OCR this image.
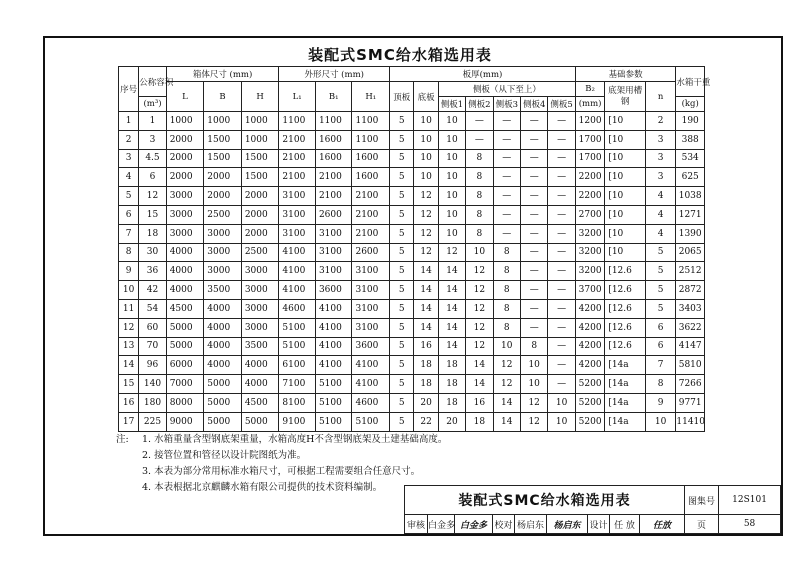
装配式SMC给水箱选用表
序号	公称容积	箱体尺寸 (mm)			外形尺寸 (mm)			板厚(mm)							基础参数			水箱干重
		L	B	H	L₁	B₁	H₁	顶板	底板	侧板（从下至上）					B₂	底架用槽钢	n	
	(m³)									侧板1	侧板2	侧板3	侧板4	侧板5	(mm)			(kg)
1	1	1000	1000	1000	1100	1100	1100	5	10	10	—	—	—	—	1200	[10	2	190
2	3	2000	1500	1000	2100	1600	1100	5	10	10	—	—	—	—	1700	[10	3	388
3	4.5	2000	1500	1500	2100	1600	1600	5	10	10	8	—	—	—	1700	[10	3	534
4	6	2000	2000	1500	2100	2100	1600	5	10	10	8	—	—	—	2200	[10	3	625
5	12	3000	2000	2000	3100	2100	2100	5	12	10	8	—	—	—	2200	[10	4	1038
6	15	3000	2500	2000	3100	2600	2100	5	12	10	8	—	—	—	2700	[10	4	1271
7	18	3000	3000	2000	3100	3100	2100	5	12	10	8	—	—	—	3200	[10	4	1390
8	30	4000	3000	2500	4100	3100	2600	5	12	12	10	8	—	—	3200	[10	5	2065
9	36	4000	3000	3000	4100	3100	3100	5	14	14	12	8	—	—	3200	[12.6	5	2512
10	42	4000	3500	3000	4100	3600	3100	5	14	14	12	8	—	—	3700	[12.6	5	2872
11	54	4500	4000	3000	4600	4100	3100	5	14	14	12	8	—	—	4200	[12.6	5	3403
12	60	5000	4000	3000	5100	4100	3100	5	14	14	12	8	—	—	4200	[12.6	6	3622
13	70	5000	4000	3500	5100	4100	3600	5	16	14	12	10	8	—	4200	[12.6	6	4147
14	96	6000	4000	4000	6100	4100	4100	5	18	18	14	12	10	—	4200	[14a	7	5810
15	140	7000	5000	4000	7100	5100	4100	5	18	18	14	12	10	—	5200	[14a	8	7266
16	180	8000	5000	4500	8100	5100	4600	5	20	18	16	14	12	10	5200	[14a	9	9771
17	225	9000	5000	5000	9100	5100	5100	5	22	20	18	14	12	10	5200	[14a	10	11410
注:	1. 水箱重量含型钢底架重量，水箱高度H不含型钢底架及土建基础高度。
2. 接管位置和管径以设计院图纸为准。
3. 本表为部分常用标准水箱尺寸，可根据工程需要组合任意尺寸。
4. 本表根据北京麒麟水箱有限公司提供的技术资料编制。
装配式SMC给水箱选用表									图集号	12S101
审核	白金多	白金多	校对	杨启东	杨启东	设计	任 放	任放	页	58
